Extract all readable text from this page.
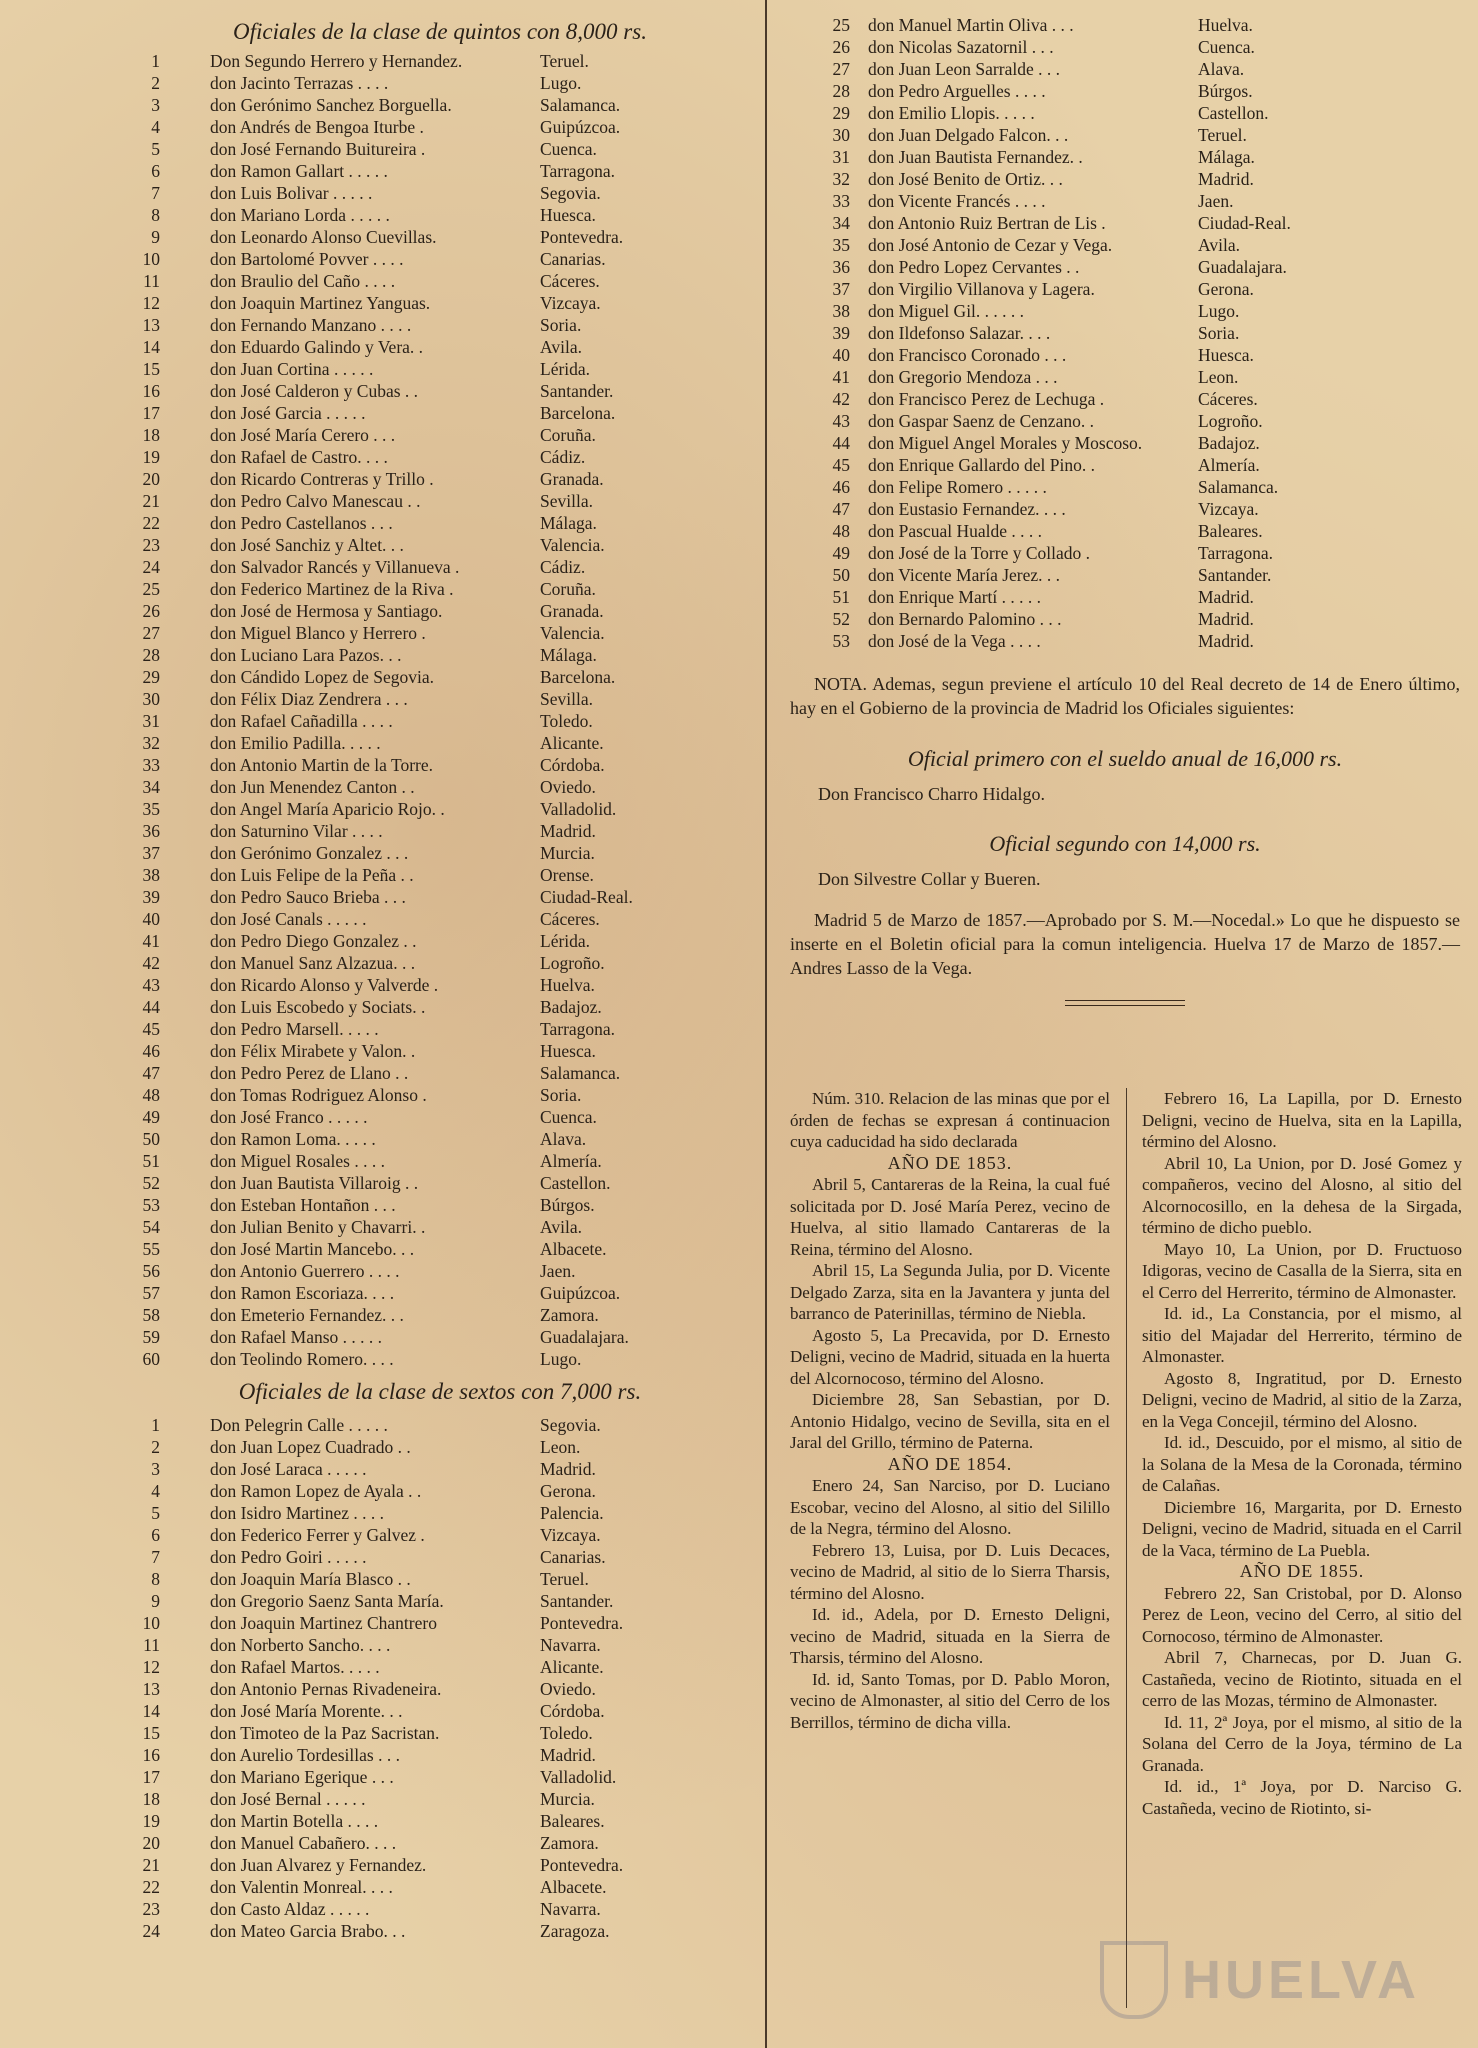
Oficiales de la clase de quintos con 8,000 rs.
1	Don Segundo Herrero y Hernandez.	Teruel.
2	don Jacinto Terrazas . . . .	Lugo.
3	don Gerónimo Sanchez Borguella.	Salamanca.
4	don Andrés de Bengoa Iturbe .	Guipúzcoa.
5	don José Fernando Buitureira .	Cuenca.
6	don Ramon Gallart . . . . .	Tarragona.
7	don Luis Bolivar . . . . .	Segovia.
8	don Mariano Lorda . . . . .	Huesca.
9	don Leonardo Alonso Cuevillas.	Pontevedra.
10	don Bartolomé Povver . . . .	Canarias.
11	don Braulio del Caño . . . .	Cáceres.
12	don Joaquin Martinez Yanguas.	Vizcaya.
13	don Fernando Manzano . . . .	Soria.
14	don Eduardo Galindo y Vera. .	Avila.
15	don Juan Cortina . . . . .	Lérida.
16	don José Calderon y Cubas . .	Santander.
17	don José Garcia . . . . .	Barcelona.
18	don José María Cerero . . .	Coruña.
19	don Rafael de Castro. . . .	Cádiz.
20	don Ricardo Contreras y Trillo .	Granada.
21	don Pedro Calvo Manescau . .	Sevilla.
22	don Pedro Castellanos . . .	Málaga.
23	don José Sanchiz y Altet. . .	Valencia.
24	don Salvador Rancés y Villanueva .	Cádiz.
25	don Federico Martinez de la Riva .	Coruña.
26	don José de Hermosa y Santiago.	Granada.
27	don Miguel Blanco y Herrero .	Valencia.
28	don Luciano Lara Pazos. . .	Málaga.
29	don Cándido Lopez de Segovia.	Barcelona.
30	don Félix Diaz Zendrera . . .	Sevilla.
31	don Rafael Cañadilla . . . .	Toledo.
32	don Emilio Padilla. . . . .	Alicante.
33	don Antonio Martin de la Torre.	Córdoba.
34	don Jun Menendez Canton . .	Oviedo.
35	don Angel María Aparicio Rojo. .	Valladolid.
36	don Saturnino Vilar . . . .	Madrid.
37	don Gerónimo Gonzalez . . .	Murcia.
38	don Luis Felipe de la Peña . .	Orense.
39	don Pedro Sauco Brieba . . .	Ciudad-Real.
40	don José Canals . . . . .	Cáceres.
41	don Pedro Diego Gonzalez . .	Lérida.
42	don Manuel Sanz Alzazua. . .	Logroño.
43	don Ricardo Alonso y Valverde .	Huelva.
44	don Luis Escobedo y Sociats. .	Badajoz.
45	don Pedro Marsell. . . . .	Tarragona.
46	don Félix Mirabete y Valon. .	Huesca.
47	don Pedro Perez de Llano . .	Salamanca.
48	don Tomas Rodriguez Alonso .	Soria.
49	don José Franco . . . . .	Cuenca.
50	don Ramon Loma. . . . .	Alava.
51	don Miguel Rosales . . . .	Almería.
52	don Juan Bautista Villaroig . .	Castellon.
53	don Esteban Hontañon . . .	Búrgos.
54	don Julian Benito y Chavarri. .	Avila.
55	don José Martin Mancebo. . .	Albacete.
56	don Antonio Guerrero . . . .	Jaen.
57	don Ramon Escoriaza. . . .	Guipúzcoa.
58	don Emeterio Fernandez. . .	Zamora.
59	don Rafael Manso . . . . .	Guadalajara.
60	don Teolindo Romero. . . .	Lugo.
Oficiales de la clase de sextos con 7,000 rs.
1	Don Pelegrin Calle . . . . .	Segovia.
2	don Juan Lopez Cuadrado . .	Leon.
3	don José Laraca . . . . .	Madrid.
4	don Ramon Lopez de Ayala . .	Gerona.
5	don Isidro Martinez . . . .	Palencia.
6	don Federico Ferrer y Galvez .	Vizcaya.
7	don Pedro Goiri . . . . .	Canarias.
8	don Joaquin María Blasco . .	Teruel.
9	don Gregorio Saenz Santa María.	Santander.
10	don Joaquin Martinez Chantrero	Pontevedra.
11	don Norberto Sancho. . . .	Navarra.
12	don Rafael Martos. . . . .	Alicante.
13	don Antonio Pernas Rivadeneira.	Oviedo.
14	don José María Morente. . .	Córdoba.
15	don Timoteo de la Paz Sacristan.	Toledo.
16	don Aurelio Tordesillas . . .	Madrid.
17	don Mariano Egerique . . .	Valladolid.
18	don José Bernal . . . . .	Murcia.
19	don Martin Botella . . . .	Baleares.
20	don Manuel Cabañero. . . .	Zamora.
21	don Juan Alvarez y Fernandez.	Pontevedra.
22	don Valentin Monreal. . . .	Albacete.
23	don Casto Aldaz . . . . .	Navarra.
24	don Mateo Garcia Brabo. . .	Zaragoza.
25	don Manuel Martin Oliva . . .	Huelva.
26	don Nicolas Sazatornil . . .	Cuenca.
27	don Juan Leon Sarralde . . .	Alava.
28	don Pedro Arguelles . . . .	Búrgos.
29	don Emilio Llopis. . . . .	Castellon.
30	don Juan Delgado Falcon. . .	Teruel.
31	don Juan Bautista Fernandez. .	Málaga.
32	don José Benito de Ortiz. . .	Madrid.
33	don Vicente Francés . . . .	Jaen.
34	don Antonio Ruiz Bertran de Lis .	Ciudad-Real.
35	don José Antonio de Cezar y Vega.	Avila.
36	don Pedro Lopez Cervantes . .	Guadalajara.
37	don Virgilio Villanova y Lagera.	Gerona.
38	don Miguel Gil. . . . . .	Lugo.
39	don Ildefonso Salazar. . . .	Soria.
40	don Francisco Coronado . . .	Huesca.
41	don Gregorio Mendoza . . .	Leon.
42	don Francisco Perez de Lechuga .	Cáceres.
43	don Gaspar Saenz de Cenzano. .	Logroño.
44	don Miguel Angel Morales y Moscoso.	Badajoz.
45	don Enrique Gallardo del Pino. .	Almería.
46	don Felipe Romero . . . . .	Salamanca.
47	don Eustasio Fernandez. . . .	Vizcaya.
48	don Pascual Hualde . . . .	Baleares.
49	don José de la Torre y Collado .	Tarragona.
50	don Vicente María Jerez. . .	Santander.
51	don Enrique Martí . . . . .	Madrid.
52	don Bernardo Palomino . . .	Madrid.
53	don José de la Vega . . . .	Madrid.

NOTA. Ademas, segun previene el artículo 10 del Real decreto de 14 de Enero último, hay en el Gobierno de la provincia de Madrid los Oficiales siguientes:

Oficial primero con el sueldo anual de 16,000 rs.
Don Francisco Charro Hidalgo.
Oficial segundo con 14,000 rs.
Don Silvestre Collar y Bueren.

Madrid 5 de Marzo de 1857.—Aprobado por S. M.—Nocedal.» Lo que he dispuesto se inserte en el Boletin oficial para la comun inteligencia. Huelva 17 de Marzo de 1857.—Andres Lasso de la Vega.

Núm. 310. Relacion de las minas que por el órden de fechas se expresan á continuacion cuya caducidad ha sido declarada

AÑO DE 1853.

Abril 5, Cantareras de la Reina, la cual fué solicitada por D. José María Perez, vecino de Huelva, al sitio llamado Cantareras de la Reina, término del Alosno.

Abril 15, La Segunda Julia, por D. Vicente Delgado Zarza, sita en la Javantera y junta del barranco de Paterinillas, término de Niebla.

Agosto 5, La Precavida, por D. Ernesto Deligni, vecino de Madrid, situada en la huerta del Alcornocoso, término del Alosno.

Diciembre 28, San Sebastian, por D. Antonio Hidalgo, vecino de Sevilla, sita en el Jaral del Grillo, término de Paterna.

AÑO DE 1854.

Enero 24, San Narciso, por D. Luciano Escobar, vecino del Alosno, al sitio del Silillo de la Negra, término del Alosno.

Febrero 13, Luisa, por D. Luis Decaces, vecino de Madrid, al sitio de lo Sierra Tharsis, término del Alosno.

Id. id., Adela, por D. Ernesto Deligni, vecino de Madrid, situada en la Sierra de Tharsis, término del Alosno.

Id. id, Santo Tomas, por D. Pablo Moron, vecino de Almonaster, al sitio del Cerro de los Berrillos, término de dicha villa.

Febrero 16, La Lapilla, por D. Ernesto Deligni, vecino de Huelva, sita en la Lapilla, término del Alosno.

Abril 10, La Union, por D. José Gomez y compañeros, vecino del Alosno, al sitio del Alcornocosillo, en la dehesa de la Sirgada, término de dicho pueblo.

Mayo 10, La Union, por D. Fructuoso Idigoras, vecino de Casalla de la Sierra, sita en el Cerro del Herrerito, término de Almonaster.

Id. id., La Constancia, por el mismo, al sitio del Majadar del Herrerito, término de Almonaster.

Agosto 8, Ingratitud, por D. Ernesto Deligni, vecino de Madrid, al sitio de la Zarza, en la Vega Concejil, término del Alosno.

Id. id., Descuido, por el mismo, al sitio de la Solana de la Mesa de la Coronada, término de Calañas.

Diciembre 16, Margarita, por D. Ernesto Deligni, vecino de Madrid, situada en el Carril de la Vaca, término de La Puebla.

AÑO DE 1855.

Febrero 22, San Cristobal, por D. Alonso Perez de Leon, vecino del Cerro, al sitio del Cornocoso, término de Almonaster.

Abril 7, Charnecas, por D. Juan G. Castañeda, vecino de Riotinto, situada en el cerro de las Mozas, término de Almonaster.

Id. 11, 2ª Joya, por el mismo, al sitio de la Solana del Cerro de la Joya, término de La Granada.

Id. id., 1ª Joya, por D. Narciso G. Castañeda, vecino de Riotinto, si-

HUELVA
